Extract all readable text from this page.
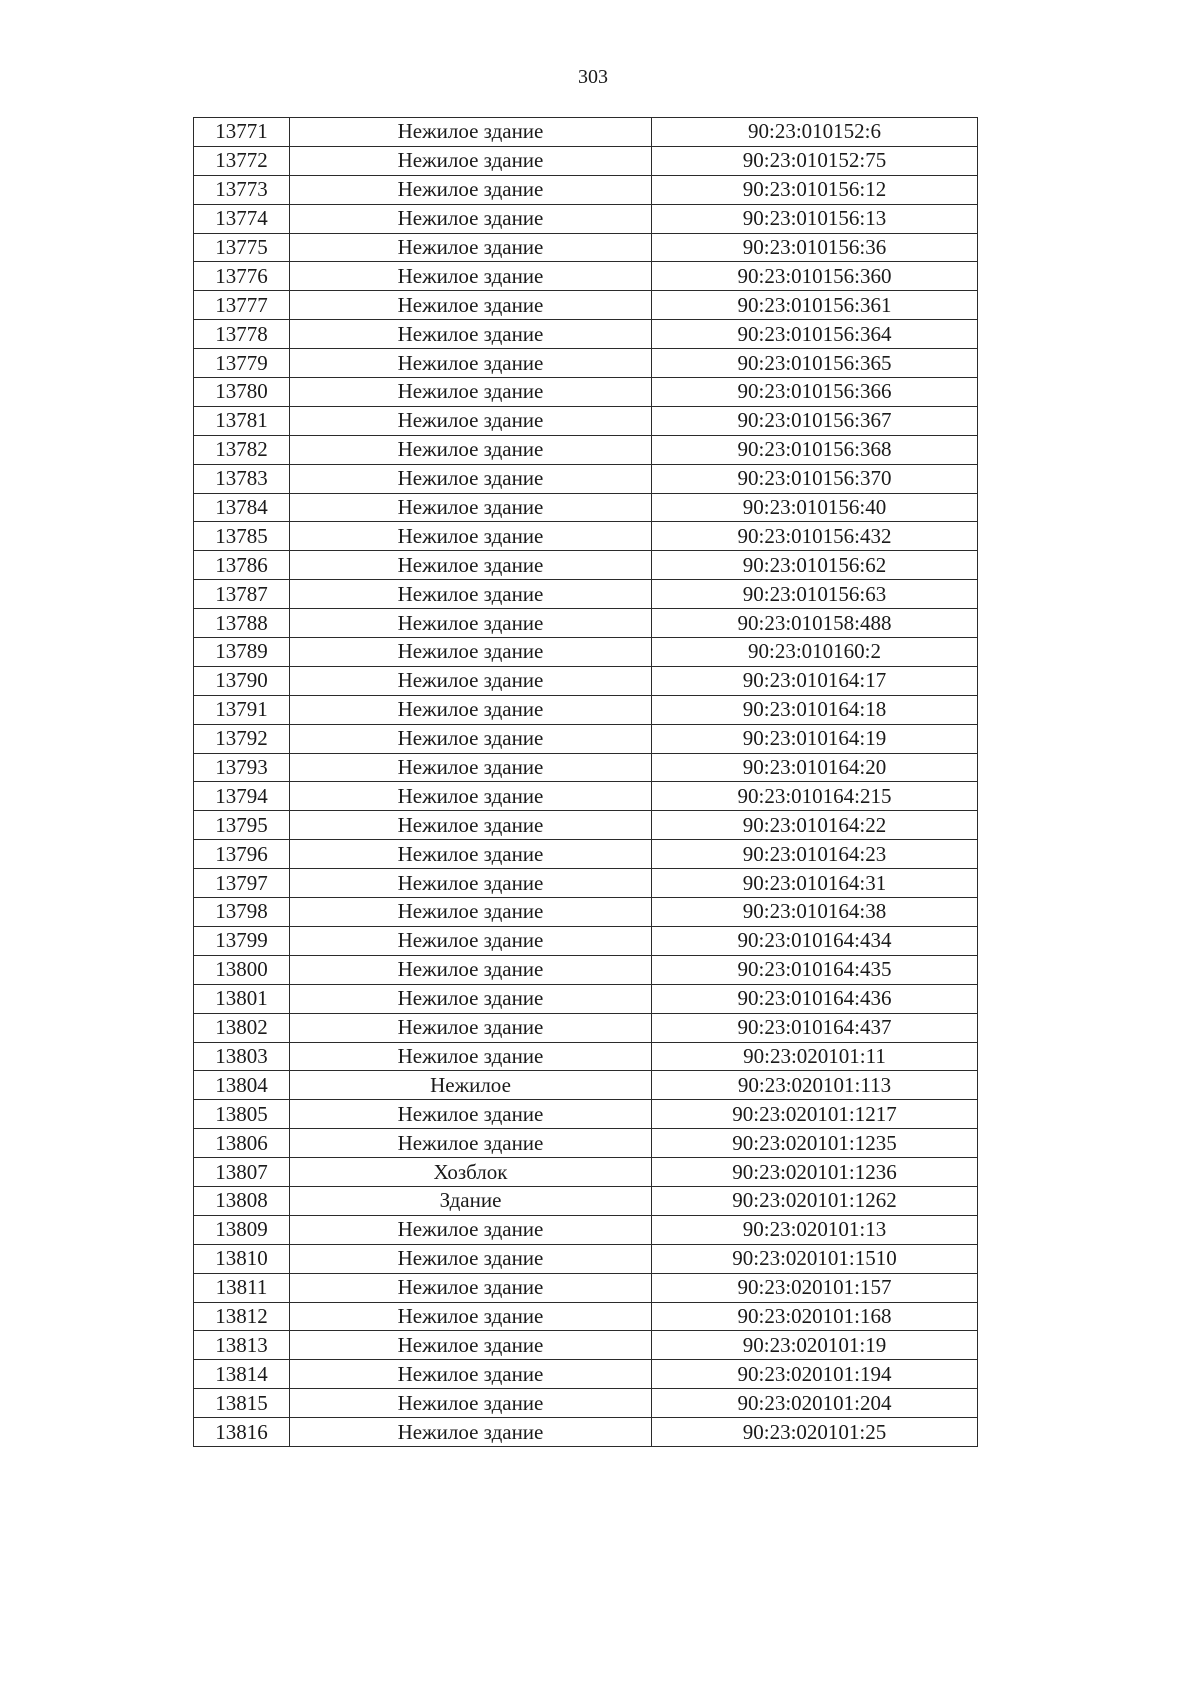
303
13771	Нежилое здание	90:23:010152:6
13772	Нежилое здание	90:23:010152:75
13773	Нежилое здание	90:23:010156:12
13774	Нежилое здание	90:23:010156:13
13775	Нежилое здание	90:23:010156:36
13776	Нежилое здание	90:23:010156:360
13777	Нежилое здание	90:23:010156:361
13778	Нежилое здание	90:23:010156:364
13779	Нежилое здание	90:23:010156:365
13780	Нежилое здание	90:23:010156:366
13781	Нежилое здание	90:23:010156:367
13782	Нежилое здание	90:23:010156:368
13783	Нежилое здание	90:23:010156:370
13784	Нежилое здание	90:23:010156:40
13785	Нежилое здание	90:23:010156:432
13786	Нежилое здание	90:23:010156:62
13787	Нежилое здание	90:23:010156:63
13788	Нежилое здание	90:23:010158:488
13789	Нежилое здание	90:23:010160:2
13790	Нежилое здание	90:23:010164:17
13791	Нежилое здание	90:23:010164:18
13792	Нежилое здание	90:23:010164:19
13793	Нежилое здание	90:23:010164:20
13794	Нежилое здание	90:23:010164:215
13795	Нежилое здание	90:23:010164:22
13796	Нежилое здание	90:23:010164:23
13797	Нежилое здание	90:23:010164:31
13798	Нежилое здание	90:23:010164:38
13799	Нежилое здание	90:23:010164:434
13800	Нежилое здание	90:23:010164:435
13801	Нежилое здание	90:23:010164:436
13802	Нежилое здание	90:23:010164:437
13803	Нежилое здание	90:23:020101:11
13804	Нежилое	90:23:020101:113
13805	Нежилое здание	90:23:020101:1217
13806	Нежилое здание	90:23:020101:1235
13807	Хозблок	90:23:020101:1236
13808	Здание	90:23:020101:1262
13809	Нежилое здание	90:23:020101:13
13810	Нежилое здание	90:23:020101:1510
13811	Нежилое здание	90:23:020101:157
13812	Нежилое здание	90:23:020101:168
13813	Нежилое здание	90:23:020101:19
13814	Нежилое здание	90:23:020101:194
13815	Нежилое здание	90:23:020101:204
13816	Нежилое здание	90:23:020101:25
